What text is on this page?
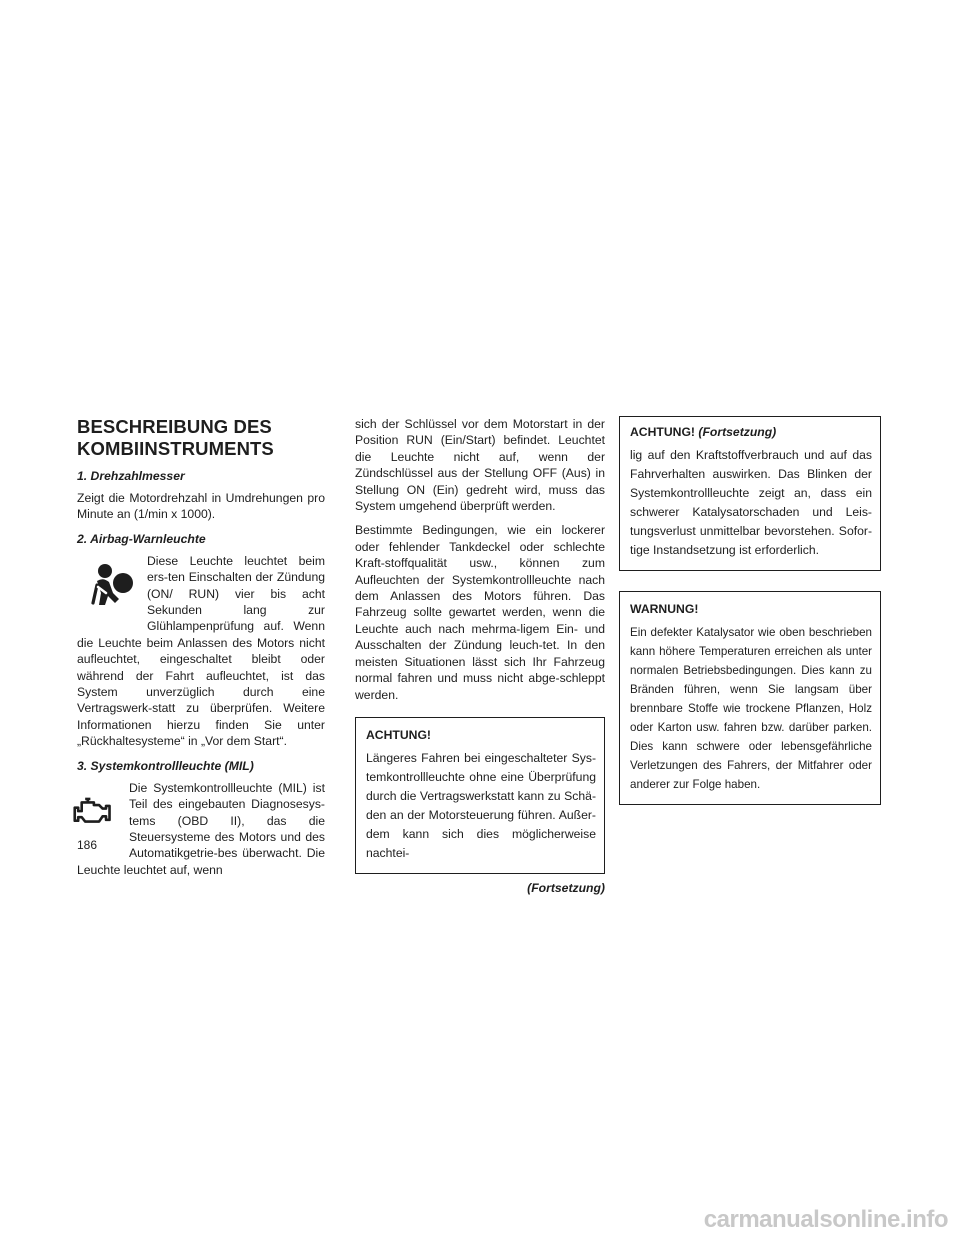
BESCHREIBUNG DES
KOMBIINSTRUMENTS
1. Drehzahlmesser

Zeigt die Motordrehzahl in Umdrehungen pro Minute an (1/min x 1000).

2. Airbag-Warnleuchte

Diese Leuchte leuchtet beim ers-ten Einschalten der Zündung (ON/ RUN) vier bis acht Sekunden lang zur Glühlampenprüfung auf. Wenn die Leuchte beim Anlassen des Motors nicht aufleuchtet, eingeschaltet bleibt oder während der Fahrt aufleuchtet, ist das System unverzüglich durch eine Vertragswerk-statt zu überprüfen. Weitere Informationen hierzu finden Sie unter „Rückhaltesysteme“ in „Vor dem Start“.

3. Systemkontrollleuchte (MIL)

Die Systemkontrollleuchte (MIL) ist Teil des eingebauten Diagnosesys-tems (OBD II), das die Steuersysteme des Motors und des Automatikgetrie-bes überwacht. Die Leuchte leuchtet auf, wenn

sich der Schlüssel vor dem Motorstart in der Position RUN (Ein/Start) befindet. Leuchtet die Leuchte nicht auf, wenn der Zündschlüssel aus der Stellung OFF (Aus) in Stellung ON (Ein) gedreht wird, muss das System umgehend überprüft werden.

Bestimmte Bedingungen, wie ein lockerer oder fehlender Tankdeckel oder schlechte Kraft-stoffqualität usw., können zum Aufleuchten der Systemkontrollleuchte nach dem Anlassen des Motors führen. Das Fahrzeug sollte gewartet werden, wenn die Leuchte auch nach mehrma-ligem Ein- und Ausschalten der Zündung leuch-tet. In den meisten Situationen lässt sich Ihr Fahrzeug normal fahren und muss nicht abge-schleppt werden.

ACHTUNG!

Längeres Fahren bei eingeschalteter Sys-temkontrollleuchte ohne eine Überprüfung durch die Vertragswerkstatt kann zu Schä-den an der Motorsteuerung führen. Außer-dem kann sich dies möglicherweise nachtei-

(Fortsetzung)
ACHTUNG! (Fortsetzung)

lig auf den Kraftstoffverbrauch und auf das Fahrverhalten auswirken. Das Blinken der Systemkontrollleuchte zeigt an, dass ein schwerer Katalysatorschaden und Leis-tungsverlust unmittelbar bevorstehen. Sofor-tige Instandsetzung ist erforderlich.

WARNUNG!

Ein defekter Katalysator wie oben beschrieben kann höhere Temperaturen erreichen als unter normalen Betriebsbedingungen. Dies kann zu Bränden führen, wenn Sie langsam über brennbare Stoffe wie trockene Pflanzen, Holz oder Karton usw. fahren bzw. darüber parken. Dies kann schwere oder lebensgefährliche Verletzungen des Fahrers, der Mitfahrer oder anderer zur Folge haben.

186
carmanualsonline.info
